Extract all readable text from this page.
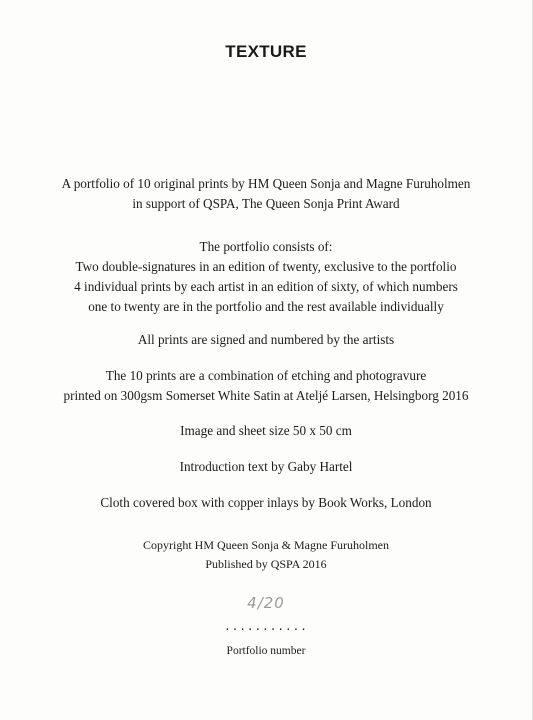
TEXTURE
A portfolio of 10 original prints by HM Queen Sonja and Magne Furuholmen
in support of QSPA, The Queen Sonja Print Award
The portfolio consists of:
Two double-signatures in an edition of twenty, exclusive to the portfolio
4 individual prints by each artist in an edition of sixty, of which numbers
one to twenty are in the portfolio and the rest available individually
All prints are signed and numbered by the artists
The 10 prints are a combination of etching and photogravure
printed on 300gsm Somerset White Satin at Ateljé Larsen, Helsingborg 2016
Image and sheet size 50 x 50 cm
Introduction text by Gaby Hartel
Cloth covered box with copper inlays by Book Works, London
Copyright HM Queen Sonja & Magne Furuholmen
Published by QSPA 2016
4/20
...........
Portfolio number
